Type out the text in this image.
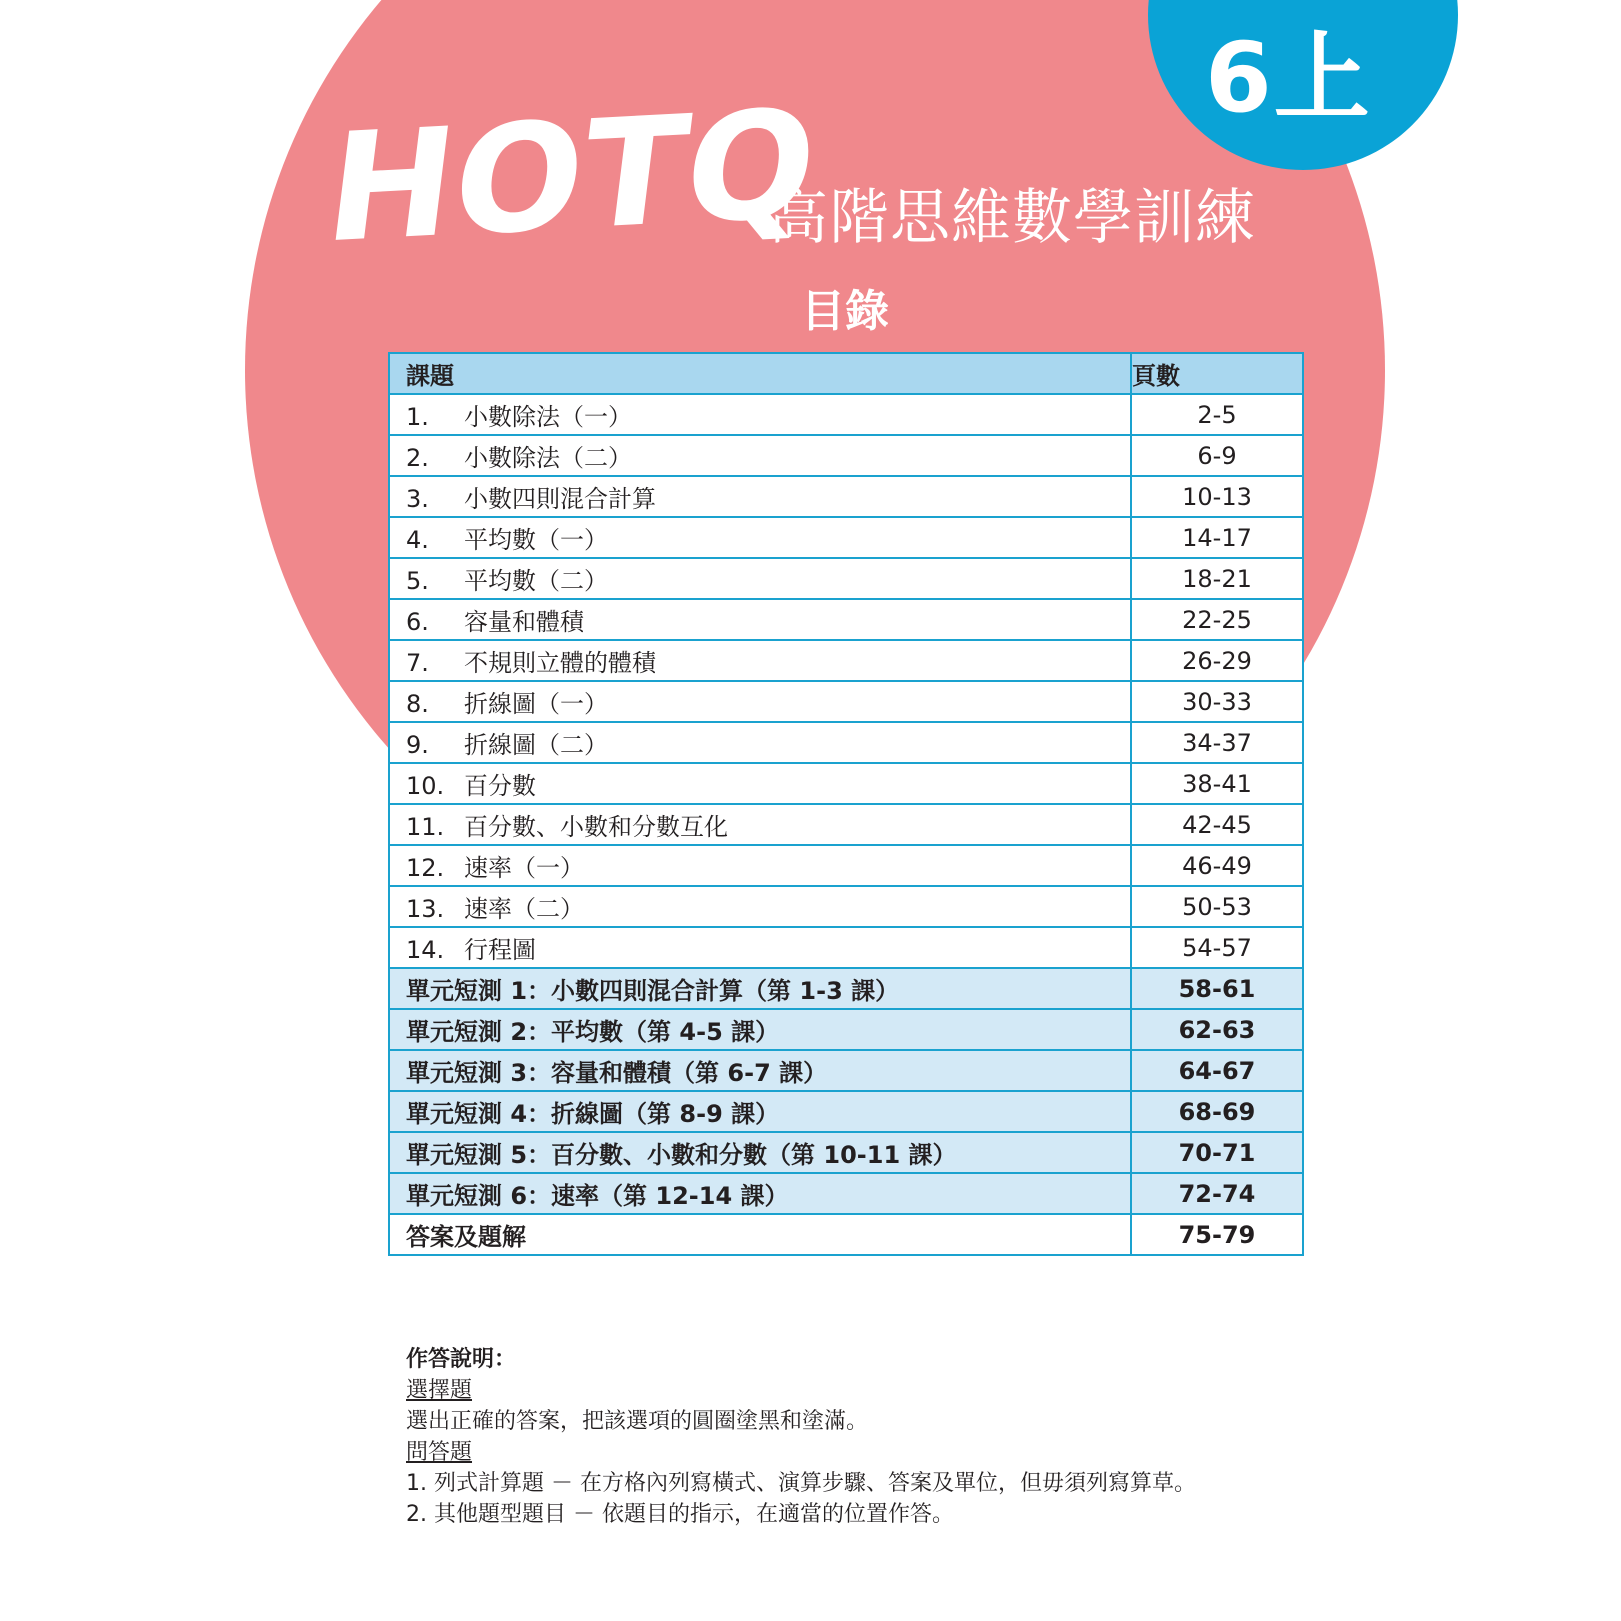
6上
HOTQ
高階思維數學訓練
目錄
課題	頁數
1. 小數除法（一）	2-5
2. 小數除法（二）	6-9
3. 小數四則混合計算	10-13
4. 平均數（一）	14-17
5. 平均數（二）	18-21
6. 容量和體積	22-25
7. 不規則立體的體積	26-29
8. 折線圖（一）	30-33
9. 折線圖（二）	34-37
10. 百分數	38-41
11. 百分數、小數和分數互化	42-45
12. 速率（一）	46-49
13. 速率（二）	50-53
14. 行程圖	54-57
單元短測 1：小數四則混合計算（第 1-3 課）	58-61
單元短測 2：平均數（第 4-5 課）	62-63
單元短測 3：容量和體積（第 6-7 課）	64-67
單元短測 4：折線圖（第 8-9 課）	68-69
單元短測 5：百分數、小數和分數（第 10-11 課）	70-71
單元短測 6：速率（第 12-14 課）	72-74
答案及題解	75-79
作答說明：
選擇題
選出正確的答案，把該選項的圓圈塗黑和塗滿。
問答題
1. 列式計算題 － 在方格內列寫橫式、演算步驟、答案及單位，但毋須列寫算草。
2. 其他題型題目 － 依題目的指示，在適當的位置作答。
